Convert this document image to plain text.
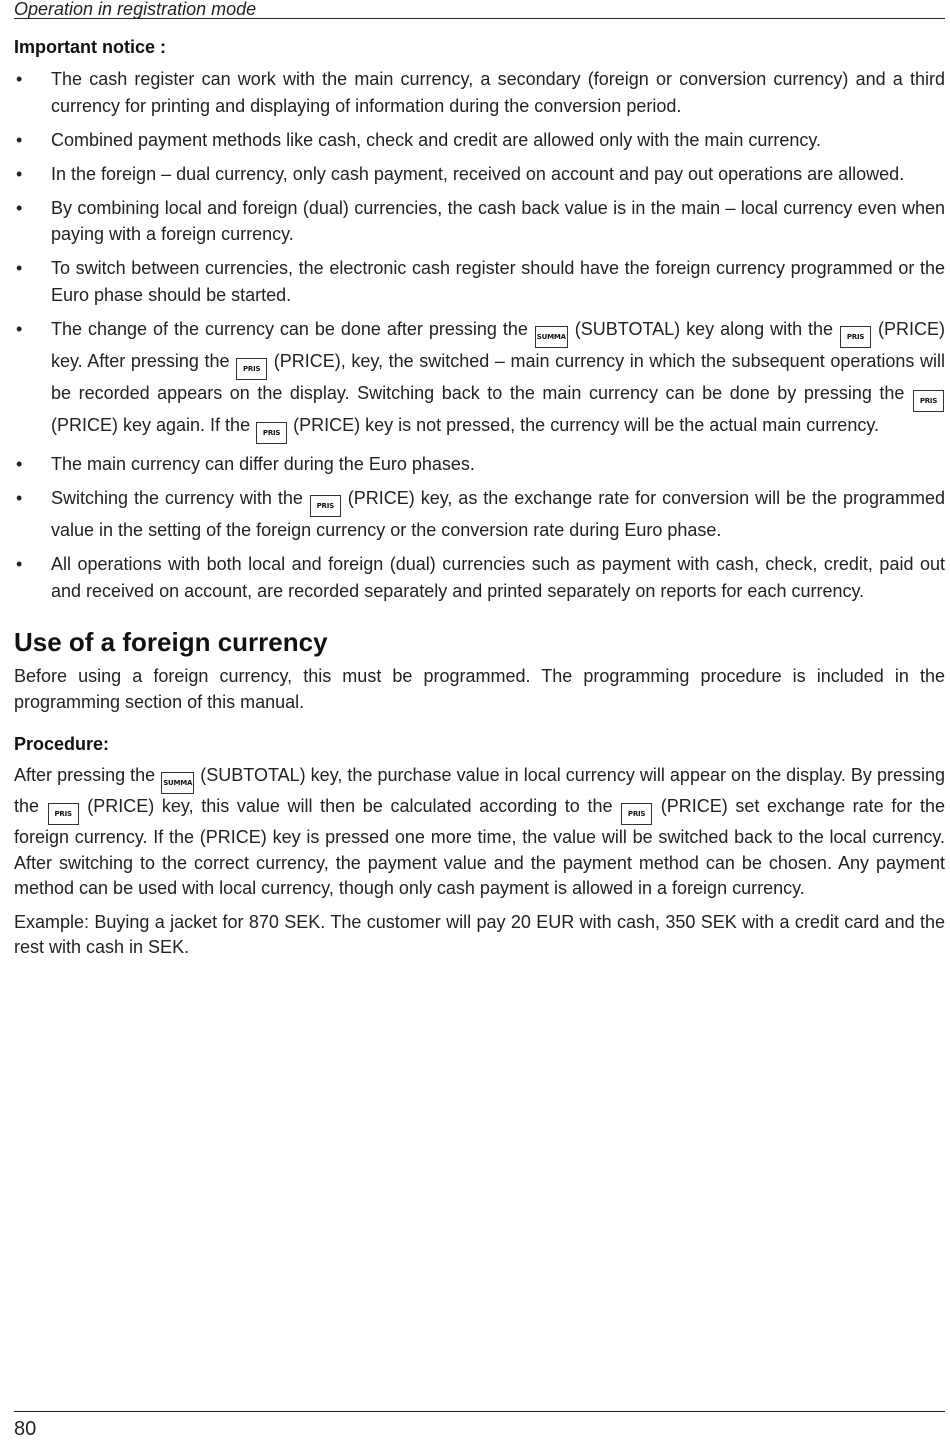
Operation in registration mode
Important notice :
• The cash register can work with the main currency, a secondary (foreign or conversion currency) and a third currency for printing and displaying of information during the conversion period.
• Combined payment methods like cash, check and credit are allowed only with the main currency.
• In the foreign – dual currency, only cash payment, received on account and pay out operations are allowed.
• By combining local and foreign (dual) currencies, the cash back value is in the main – local currency even when paying with a foreign currency.
• To switch between currencies, the electronic cash register should have the foreign currency programmed or the Euro phase should be started.
• The change of the currency can be done after pressing the SUMMA (SUBTOTAL) key along with the PRIS (PRICE) key. After pressing the PRIS (PRICE), key, the switched – main currency in which the subsequent operations will be recorded appears on the display. Switching back to the main currency can be done by pressing the PRIS (PRICE) key again. If the PRIS (PRICE) key is not pressed, the currency will be the actual main currency.
• The main currency can differ during the Euro phases.
• Switching the currency with the PRIS (PRICE) key, as the exchange rate for conversion will be the programmed value in the setting of the foreign currency or the conversion rate during Euro phase.
• All operations with both local and foreign (dual) currencies such as payment with cash, check, credit, paid out and received on account, are recorded separately and printed separately on reports for each currency.
Use of a foreign currency

Before using a foreign currency, this must be programmed. The programming procedure is included in the programming section of this manual.

Procedure:

After pressing the SUMMA (SUBTOTAL) key, the purchase value in local currency will appear on the display. By pressing the PRIS (PRICE) key, this value will then be calculated according to the PRIS (PRICE) set exchange rate for the foreign currency. If the (PRICE) key is pressed one more time, the value will be switched back to the local currency. After switching to the correct currency, the payment value and the payment method can be chosen. Any payment method can be used with local currency, though only cash payment is allowed in a foreign currency.

Example: Buying a jacket for 870 SEK. The customer will pay 20 EUR with cash, 350 SEK with a credit card and the rest with cash in SEK.

80
